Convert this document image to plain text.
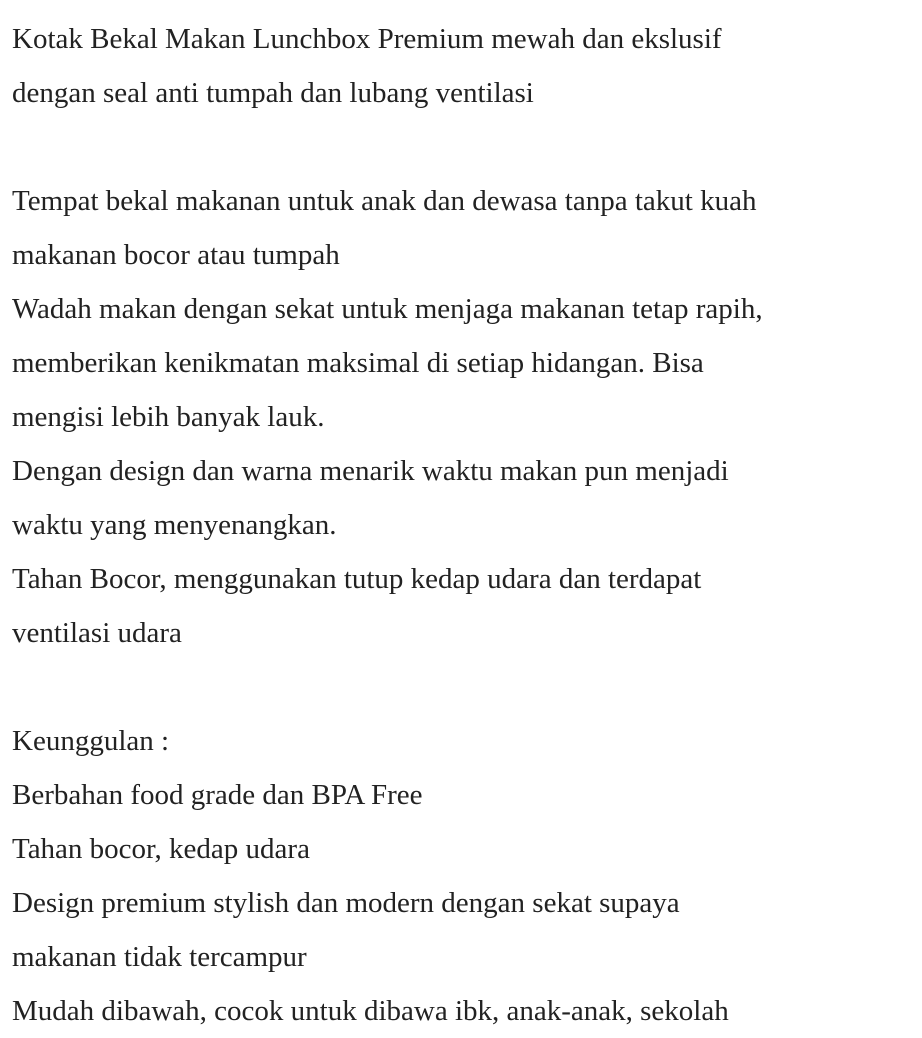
Kotak Bekal Makan Lunchbox Premium mewah dan ekslusif
dengan seal anti tumpah dan lubang ventilasi
Tempat bekal makanan untuk anak dan dewasa tanpa takut kuah
makanan bocor atau tumpah
Wadah makan dengan sekat untuk menjaga makanan tetap rapih,
memberikan kenikmatan maksimal di setiap hidangan. Bisa
mengisi lebih banyak lauk.
Dengan design dan warna menarik waktu makan pun menjadi
waktu yang menyenangkan.
Tahan Bocor, menggunakan tutup kedap udara dan terdapat
ventilasi udara
Keunggulan :
Berbahan food grade dan BPA Free
Tahan bocor, kedap udara
Design premium stylish dan modern dengan sekat supaya
makanan tidak tercampur
Mudah dibawah, cocok untuk dibawa ibk, anak-anak, sekolah
